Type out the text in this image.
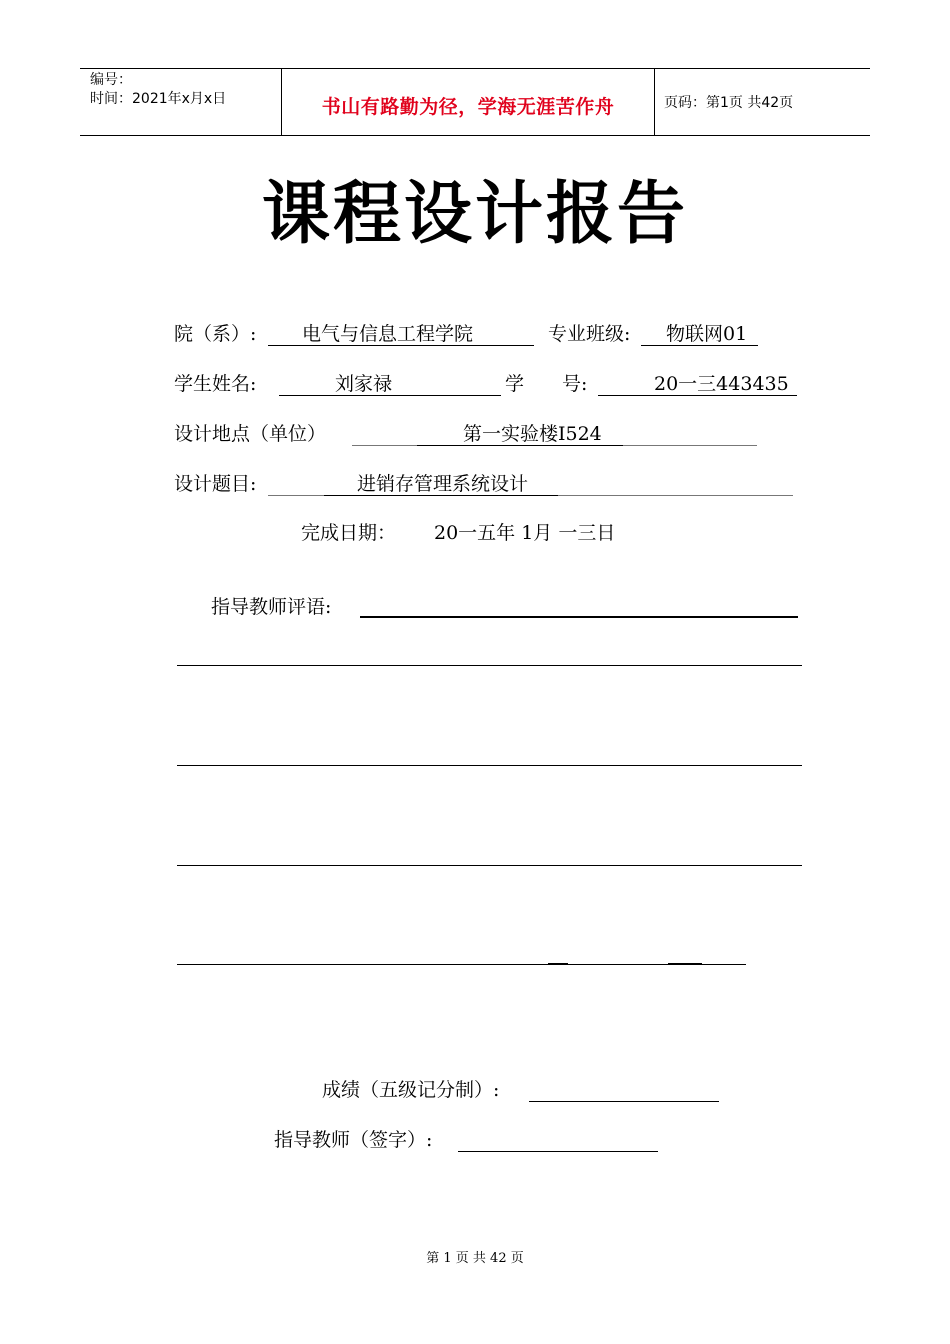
编号：
时间：2021年x月x日	书山有路勤为径，学海无涯苦作舟	页码：第1页 共42页
课程设计报告
院（系）: 电气与信息工程学院	专业班级: 物联网01
学生姓名:	刘家禄	学　　号:	20一三443435
设计地点（单位）	第一实验楼I524
设计题目:	进销存管理系统设计
完成日期： 20一五年 1月 一三日
指导教师评语:
成绩（五级记分制）:
指导教师（签字）:
第 1 页 共 42 页
